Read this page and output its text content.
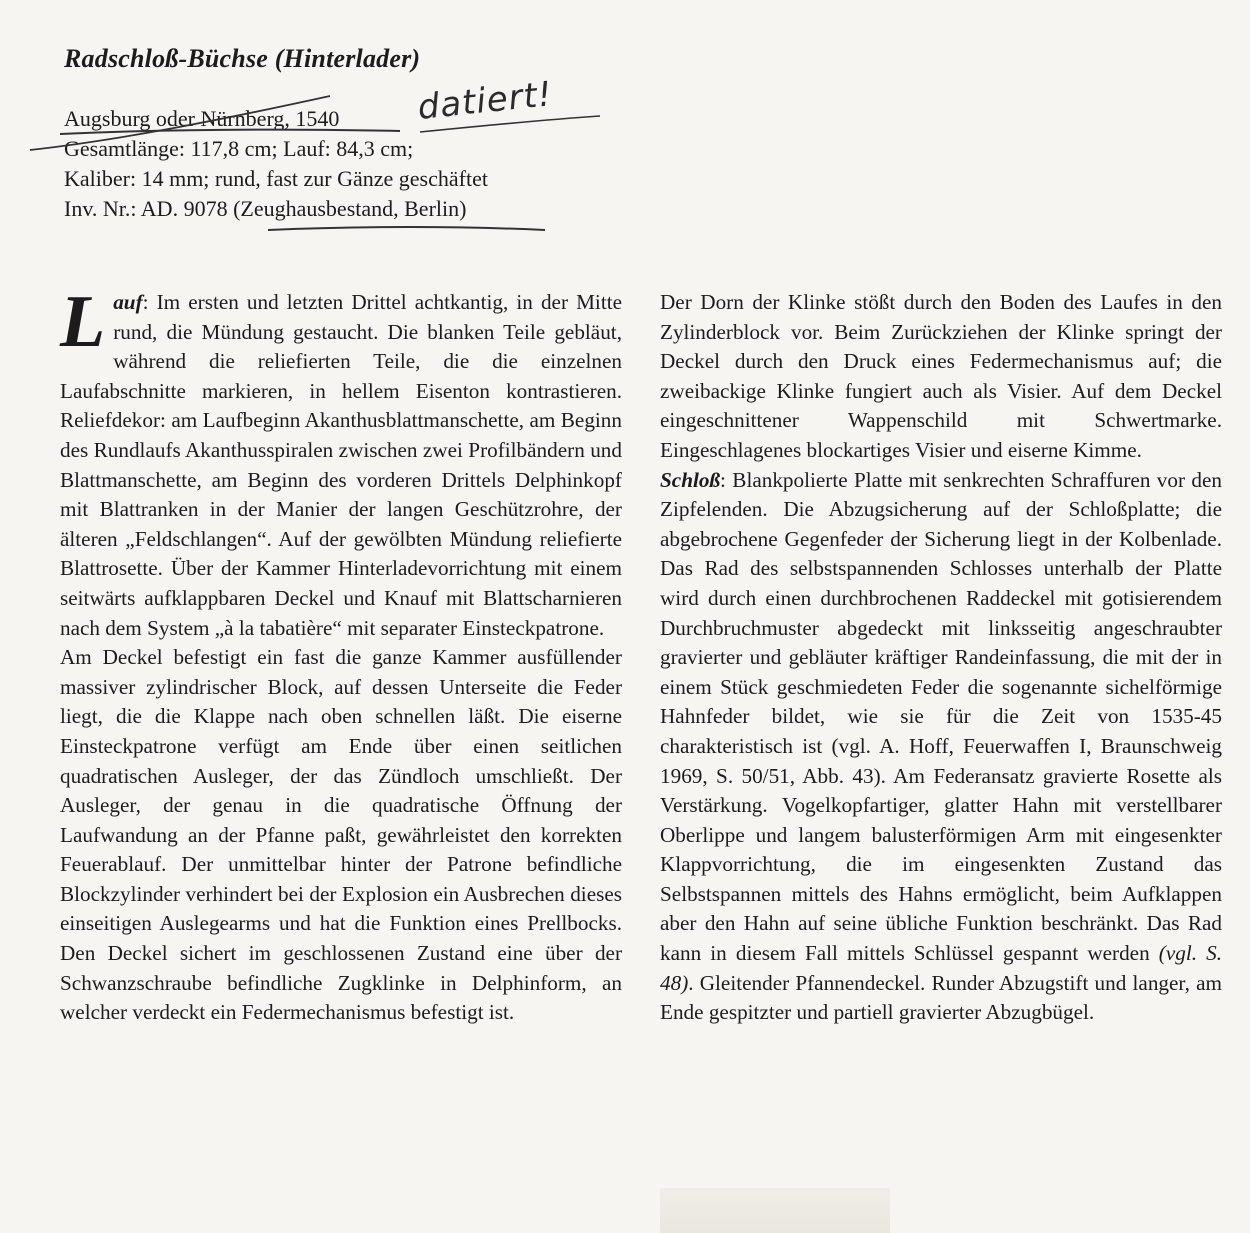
Radschloß-Büchse (Hinterlader)
Augsburg oder Nürnberg, 1540
Gesamtlänge: 117,8 cm; Lauf: 84,3 cm;
Kaliber: 14 mm; rund, fast zur Gänze geschäftet
Inv. Nr.: AD. 9078 (Zeughausbestand, Berlin)
datiert!

Lauf: Im ersten und letzten Drittel achtkantig, in der Mitte rund, die Mündung gestaucht. Die blanken Teile gebläut, während die reliefierten Teile, die die einzelnen Laufabschnitte markieren, in hellem Eisenton kontrastieren. Reliefdekor: am Laufbeginn Akanthusblattmanschette, am Beginn des Rundlaufs Akanthusspiralen zwischen zwei Profilbändern und Blattmanschette, am Beginn des vorderen Drittels Delphinkopf mit Blattranken in der Manier der langen Geschützrohre, der älteren „Feldschlangen“. Auf der gewölbten Mündung reliefierte Blattrosette. Über der Kammer Hinterladevorrichtung mit einem seitwärts aufklappbaren Deckel und Knauf mit Blattscharnieren nach dem System „à la tabatière“ mit separater Einsteckpatrone.

Am Deckel befestigt ein fast die ganze Kammer ausfüllender massiver zylindrischer Block, auf dessen Unterseite die Feder liegt, die die Klappe nach oben schnellen läßt. Die eiserne Einsteckpatrone verfügt am Ende über einen seitlichen quadratischen Ausleger, der das Zündloch umschließt. Der Ausleger, der genau in die quadratische Öffnung der Laufwandung an der Pfanne paßt, gewährleistet den korrekten Feuerablauf. Der unmittelbar hinter der Patrone befindliche Blockzylinder verhindert bei der Explosion ein Ausbrechen dieses einseitigen Auslegearms und hat die Funktion eines Prellbocks. Den Deckel sichert im geschlossenen Zustand eine über der Schwanzschraube befindliche Zugklinke in Delphinform, an welcher verdeckt ein Federmechanismus befestigt ist.

Der Dorn der Klinke stößt durch den Boden des Laufes in den Zylinderblock vor. Beim Zurückziehen der Klinke springt der Deckel durch den Druck eines Federmechanismus auf; die zweibackige Klinke fungiert auch als Visier. Auf dem Deckel eingeschnittener Wappenschild mit Schwertmarke. Eingeschlagenes blockartiges Visier und eiserne Kimme.

Schloß: Blankpolierte Platte mit senkrechten Schraffuren vor den Zipfelenden. Die Abzugsicherung auf der Schloßplatte; die abgebrochene Gegenfeder der Sicherung liegt in der Kolbenlade. Das Rad des selbstspannenden Schlosses unterhalb der Platte wird durch einen durchbrochenen Raddeckel mit gotisierendem Durchbruchmuster abgedeckt mit linksseitig angeschraubter gravierter und gebläuter kräftiger Randeinfassung, die mit der in einem Stück geschmiedeten Feder die sogenannte sichelförmige Hahnfeder bildet, wie sie für die Zeit von 1535-45 charakteristisch ist (vgl. A. Hoff, Feuerwaffen I, Braunschweig 1969, S. 50/51, Abb. 43). Am Federansatz gravierte Rosette als Verstärkung. Vogelkopfartiger, glatter Hahn mit verstellbarer Oberlippe und langem balusterförmigen Arm mit eingesenkter Klappvorrichtung, die im eingesenkten Zustand das Selbstspannen mittels des Hahns ermöglicht, beim Aufklappen aber den Hahn auf seine übliche Funktion beschränkt. Das Rad kann in diesem Fall mittels Schlüssel gespannt werden (vgl. S. 48). Gleitender Pfannendeckel. Runder Abzugstift und langer, am Ende gespitzter und partiell gravierter Abzugbügel.
